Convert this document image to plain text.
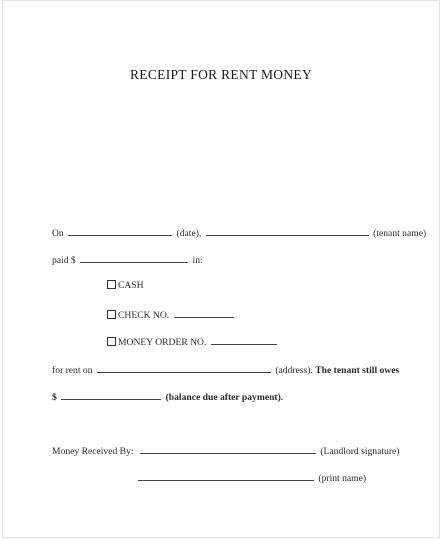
RECEIPT FOR RENT MONEY
On	(date),	(tenant name)
paid $	in:
CASH
CHECK NO.
MONEY ORDER NO.
for rent on	(address). The tenant still owes
$	(balance due after payment).
Money Received By:	(Landlord signature)
(print name)
